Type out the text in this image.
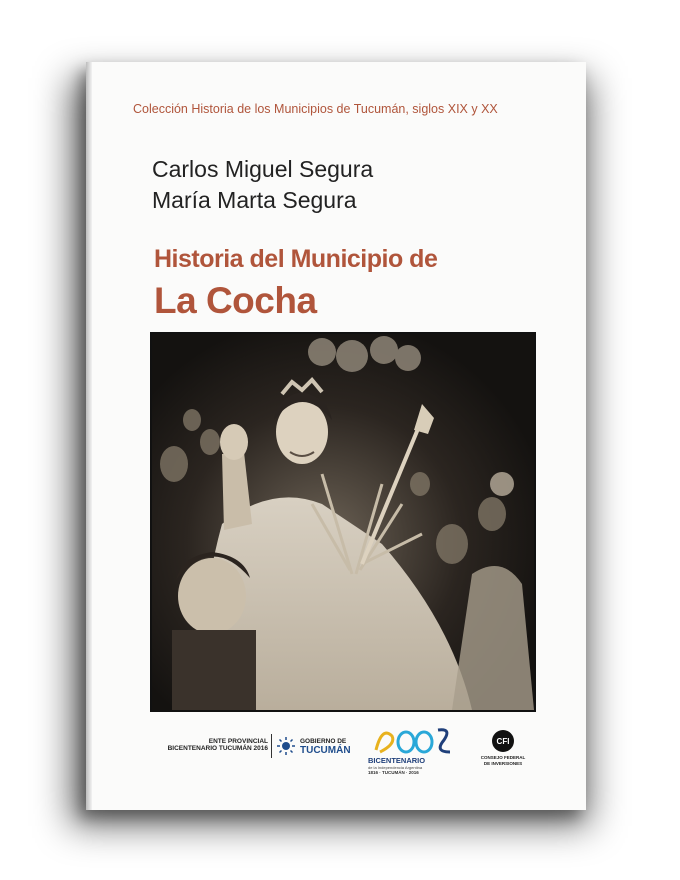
Colección Historia de los Municipios de Tucumán, siglos XIX y XX
Carlos Miguel Segura
María Marta Segura
Historia del Municipio de
La Cocha
ENTE PROVINCIAL
BICENTENARIO TUCUMÁN 2016
GOBIERNO DE
TUCUMÁN
BICENTENARIO
de la Independencia Argentina
1816 · TUCUMÁN · 2016
CFI
CONSEJO FEDERAL
DE INVERSIONES
